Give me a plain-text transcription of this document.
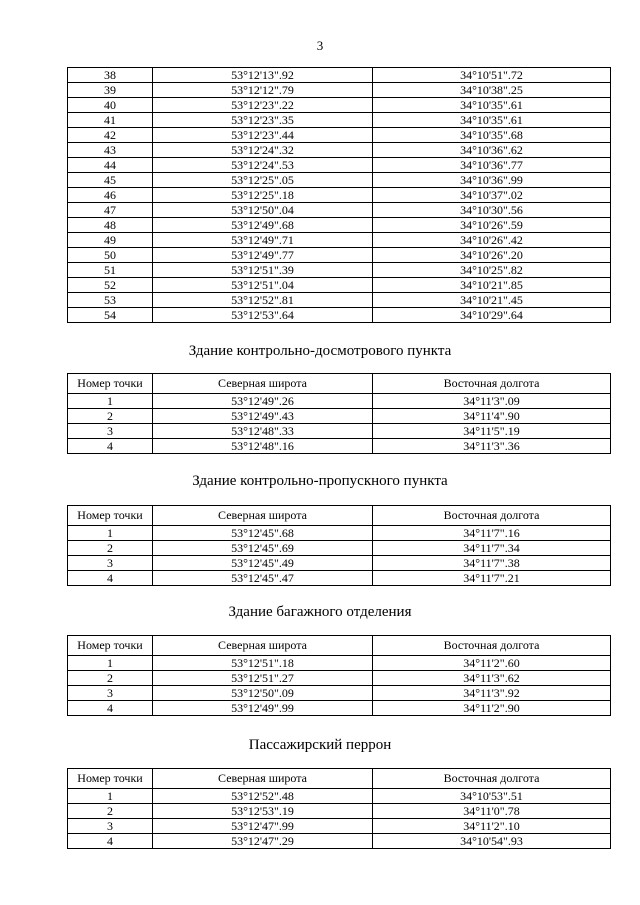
3
38	53°12'13".92	34°10'51".72
39	53°12'12".79	34°10'38".25
40	53°12'23".22	34°10'35".61
41	53°12'23".35	34°10'35".61
42	53°12'23".44	34°10'35".68
43	53°12'24".32	34°10'36".62
44	53°12'24".53	34°10'36".77
45	53°12'25".05	34°10'36".99
46	53°12'25".18	34°10'37".02
47	53°12'50".04	34°10'30".56
48	53°12'49".68	34°10'26".59
49	53°12'49".71	34°10'26".42
50	53°12'49".77	34°10'26".20
51	53°12'51".39	34°10'25".82
52	53°12'51".04	34°10'21".85
53	53°12'52".81	34°10'21".45
54	53°12'53".64	34°10'29".64
Здание контрольно-досмотрового пункта
Номер точки	Северная широта	Восточная долгота
1	53°12'49".26	34°11'3".09
2	53°12'49".43	34°11'4".90
3	53°12'48".33	34°11'5".19
4	53°12'48".16	34°11'3".36
Здание контрольно-пропускного пункта
Номер точки	Северная широта	Восточная долгота
1	53°12'45".68	34°11'7".16
2	53°12'45".69	34°11'7".34
3	53°12'45".49	34°11'7".38
4	53°12'45".47	34°11'7".21
Здание багажного отделения
Номер точки	Северная широта	Восточная долгота
1	53°12'51".18	34°11'2".60
2	53°12'51".27	34°11'3".62
3	53°12'50".09	34°11'3".92
4	53°12'49".99	34°11'2".90
Пассажирский перрон
Номер точки	Северная широта	Восточная долгота
1	53°12'52".48	34°10'53".51
2	53°12'53".19	34°11'0".78
3	53°12'47".99	34°11'2".10
4	53°12'47".29	34°10'54".93
